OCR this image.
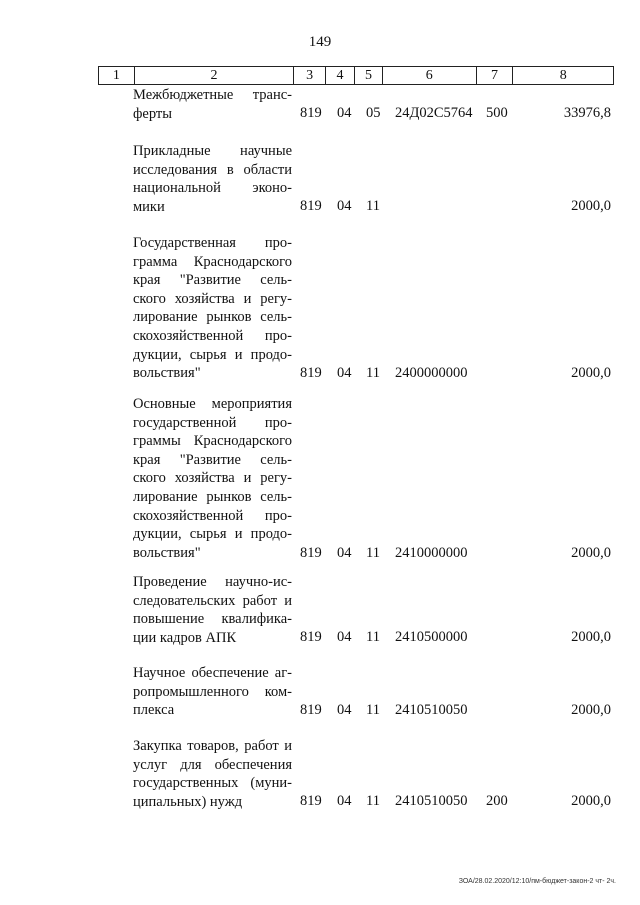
149
1	2	3	4	5	6	7	8
Межбюджетные транс-
ферты	819 04 05 24Д02С5764 500	33976,8
Прикладные научные
исследования в области
национальной эконо-
мики	819 04 11	2000,0
Государственная про-
грамма Краснодарского
края "Развитие сель-
ского хозяйства и регу-
лирование рынков сель-
скохозяйственной про-
дукции, сырья и продо-
вольствия"	819 04 11 2400000000	2000,0
Основные мероприятия
государственной про-
граммы Краснодарского
края "Развитие сель-
ского хозяйства и регу-
лирование рынков сель-
скохозяйственной про-
дукции, сырья и продо-
вольствия"	819 04 11 2410000000	2000,0
Проведение научно-ис-
следовательских работ и
повышение квалифика-
ции кадров АПК	819 04 11 2410500000	2000,0
Научное обеспечение аг-
ропромышленного ком-
плекса	819 04 11 2410510050	2000,0
Закупка товаров, работ и
услуг для обеспечения
государственных (муни-
ципальных) нужд	819 04 11 2410510050 200	2000,0
ЗОА/28.02.2020/12:10/пм-бюджет-закон-2 чт- 2ч.
